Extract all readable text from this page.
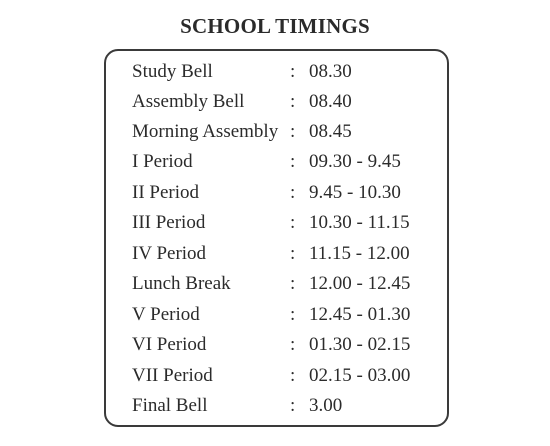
SCHOOL TIMINGS
Study Bell	: 08.30
Assembly Bell : 08.40
Morning Assembly : 08.45
I Period	: 09.30 - 9.45
II Period	: 9.45 - 10.30
III Period	: 10.30 - 11.15
IV Period	: 11.15 - 12.00
Lunch Break	: 12.00 - 12.45
V Period	: 12.45 - 01.30
VI Period	: 01.30 - 02.15
VII Period	: 02.15 - 03.00
Final Bell	: 3.00
